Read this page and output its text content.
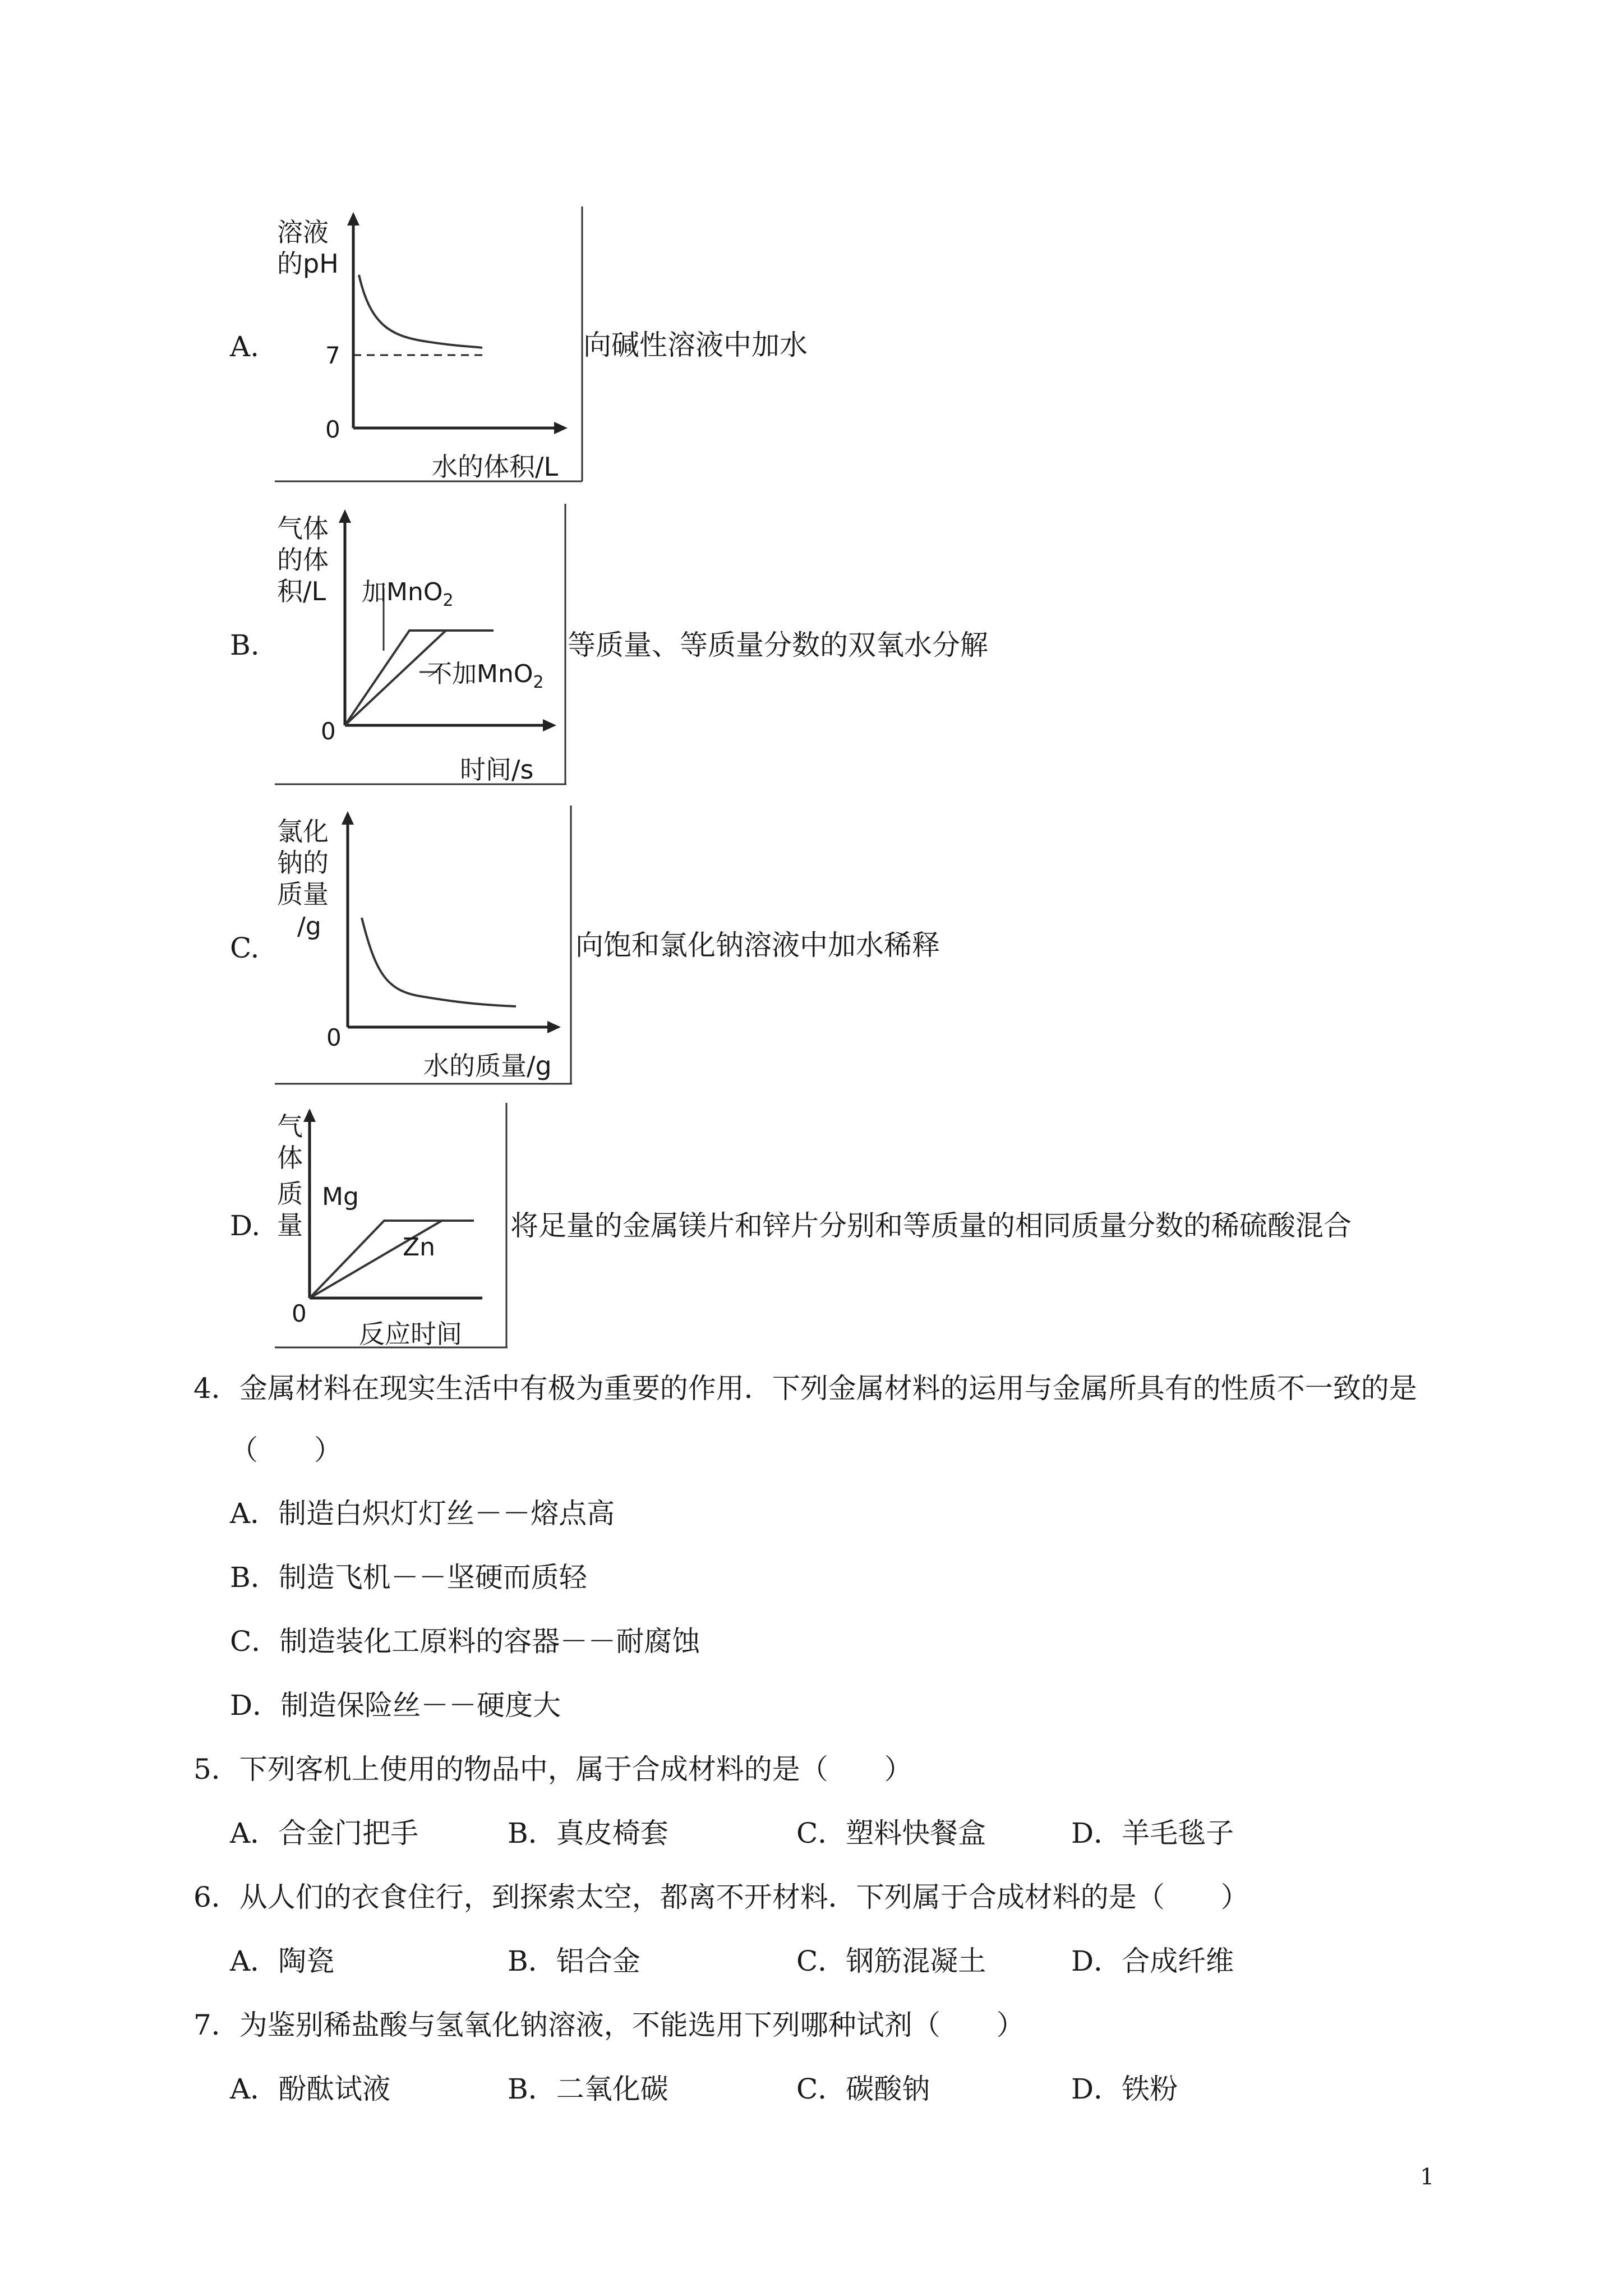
A.
溶液
的pH
7
0
水的体积/L
向碱性溶液中加水
B.
气体
的体
积/L 加MnO$_2$
不加MnO$_2$
0
时间/s
等质量、等质量分数的双氧水分解
C.
氯化
钠的
质量
/g
0
水的质量/g
向饱和氯化钠溶液中加水稀释
D.
气
体
质
量
Mg
Zn
0
反应时间
将足量的金属镁片和锌片分别和等质量的相同质量分数的稀硫酸混合
4．金属材料在现实生活中有极为重要的作用．下列金属材料的运用与金属所具有的性质不一致的是
（　　）
A．制造白炽灯灯丝－－熔点高
B．制造飞机－－坚硬而质轻
C．制造装化工原料的容器－－耐腐蚀
D．制造保险丝－－硬度大
5．下列客机上使用的物品中，属于合成材料的是（　　）
A．合金门把手	B．真皮椅套	C．塑料快餐盒	D．羊毛毯子
6．从人们的衣食住行，到探索太空，都离不开材料．下列属于合成材料的是（　　）
A．陶瓷	B．铝合金	C．钢筋混凝土	D．合成纤维
7．为鉴别稀盐酸与氢氧化钠溶液，不能选用下列哪种试剂（　　）
A．酚酞试液	B．二氧化碳	C．碳酸钠	D．铁粉
1
